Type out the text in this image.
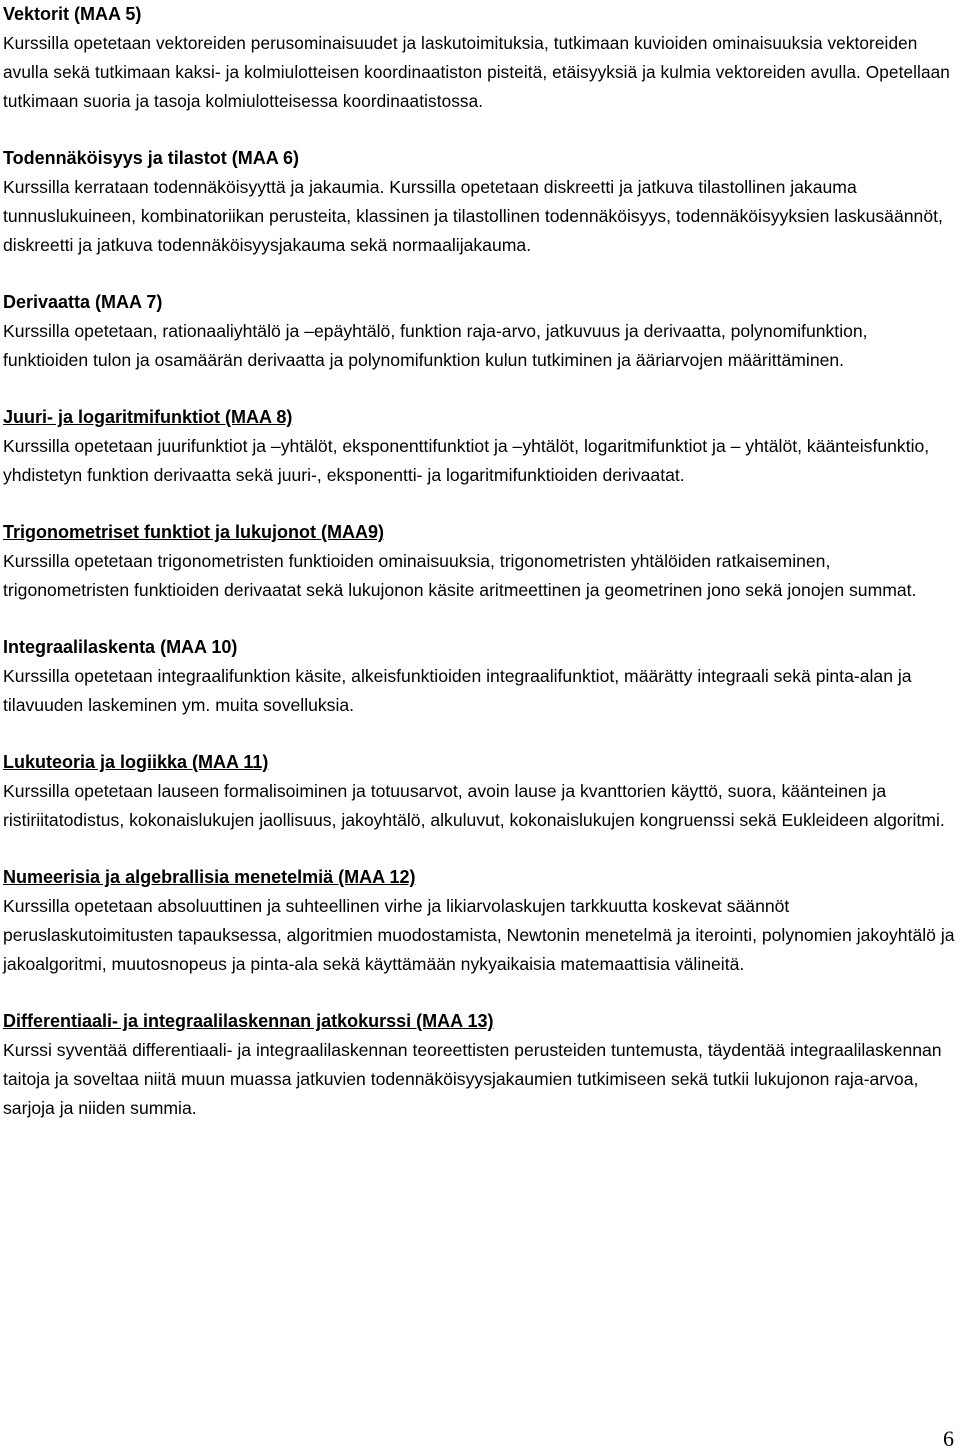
Vektorit (MAA 5)
Kurssilla opetetaan vektoreiden perusominaisuudet ja laskutoimituksia, tutkimaan kuvioiden ominaisuuksia vektoreiden avulla sekä tutkimaan kaksi- ja kolmiulotteisen koordinaatiston pisteitä, etäisyyksiä ja kulmia vektoreiden avulla. Opetellaan tutkimaan suoria ja tasoja kolmiulotteisessa koordinaatistossa.
Todennäköisyys ja tilastot (MAA 6)
Kurssilla kerrataan todennäköisyyttä ja jakaumia. Kurssilla opetetaan diskreetti ja jatkuva tilastollinen jakauma tunnuslukuineen, kombinatoriikan perusteita, klassinen ja tilastollinen todennäköisyys, todennäköisyyksien laskusäännöt, diskreetti ja jatkuva todennäköisyysjakauma sekä normaalijakauma.
Derivaatta (MAA 7)
Kurssilla opetetaan, rationaaliyhtälö ja –epäyhtälö, funktion raja-arvo, jatkuvuus ja derivaatta, polynomifunktion, funktioiden tulon ja osamäärän derivaatta ja polynomifunktion kulun tutkiminen ja ääriarvojen määrittäminen.
Juuri- ja logaritmifunktiot (MAA 8)
Kurssilla opetetaan juurifunktiot ja –yhtälöt, eksponenttifunktiot ja –yhtälöt, logaritmifunktiot ja – yhtälöt, käänteisfunktio, yhdistetyn funktion derivaatta sekä juuri-, eksponentti- ja logaritmifunktioiden derivaatat.
Trigonometriset funktiot ja lukujonot (MAA9)
Kurssilla opetetaan trigonometristen funktioiden ominaisuuksia, trigonometristen yhtälöiden ratkaiseminen, trigonometristen funktioiden derivaatat sekä lukujonon käsite aritmeettinen ja geometrinen jono sekä jonojen summat.
Integraalilaskenta (MAA 10)
Kurssilla opetetaan integraalifunktion käsite, alkeisfunktioiden integraalifunktiot, määrätty integraali sekä pinta-alan ja tilavuuden laskeminen ym. muita sovelluksia.
Lukuteoria ja logiikka (MAA 11)
Kurssilla opetetaan lauseen formalisoiminen ja totuusarvot, avoin lause ja kvanttorien käyttö, suora, käänteinen ja ristiriitatodistus, kokonaislukujen jaollisuus, jakoyhtälö, alkuluvut, kokonaislukujen kongruenssi sekä Eukleideen algoritmi.
Numeerisia ja algebrallisia menetelmiä (MAA 12)
Kurssilla opetetaan absoluuttinen ja suhteellinen virhe ja likiarvolaskujen tarkkuutta koskevat säännöt peruslaskutoimitusten tapauksessa, algoritmien muodostamista, Newtonin menetelmä ja iterointi, polynomien jakoyhtälö ja jakoalgoritmi, muutosnopeus ja pinta-ala sekä käyttämään nykyaikaisia matemaattisia välineitä.
Differentiaali- ja integraalilaskennan jatkokurssi (MAA 13)
Kurssi syventää differentiaali- ja integraalilaskennan teoreettisten perusteiden tuntemusta, täydentää integraalilaskennan taitoja ja soveltaa niitä muun muassa jatkuvien todennäköisyysjakaumien tutkimiseen sekä tutkii lukujonon raja-arvoa, sarjoja ja niiden summia.
6
